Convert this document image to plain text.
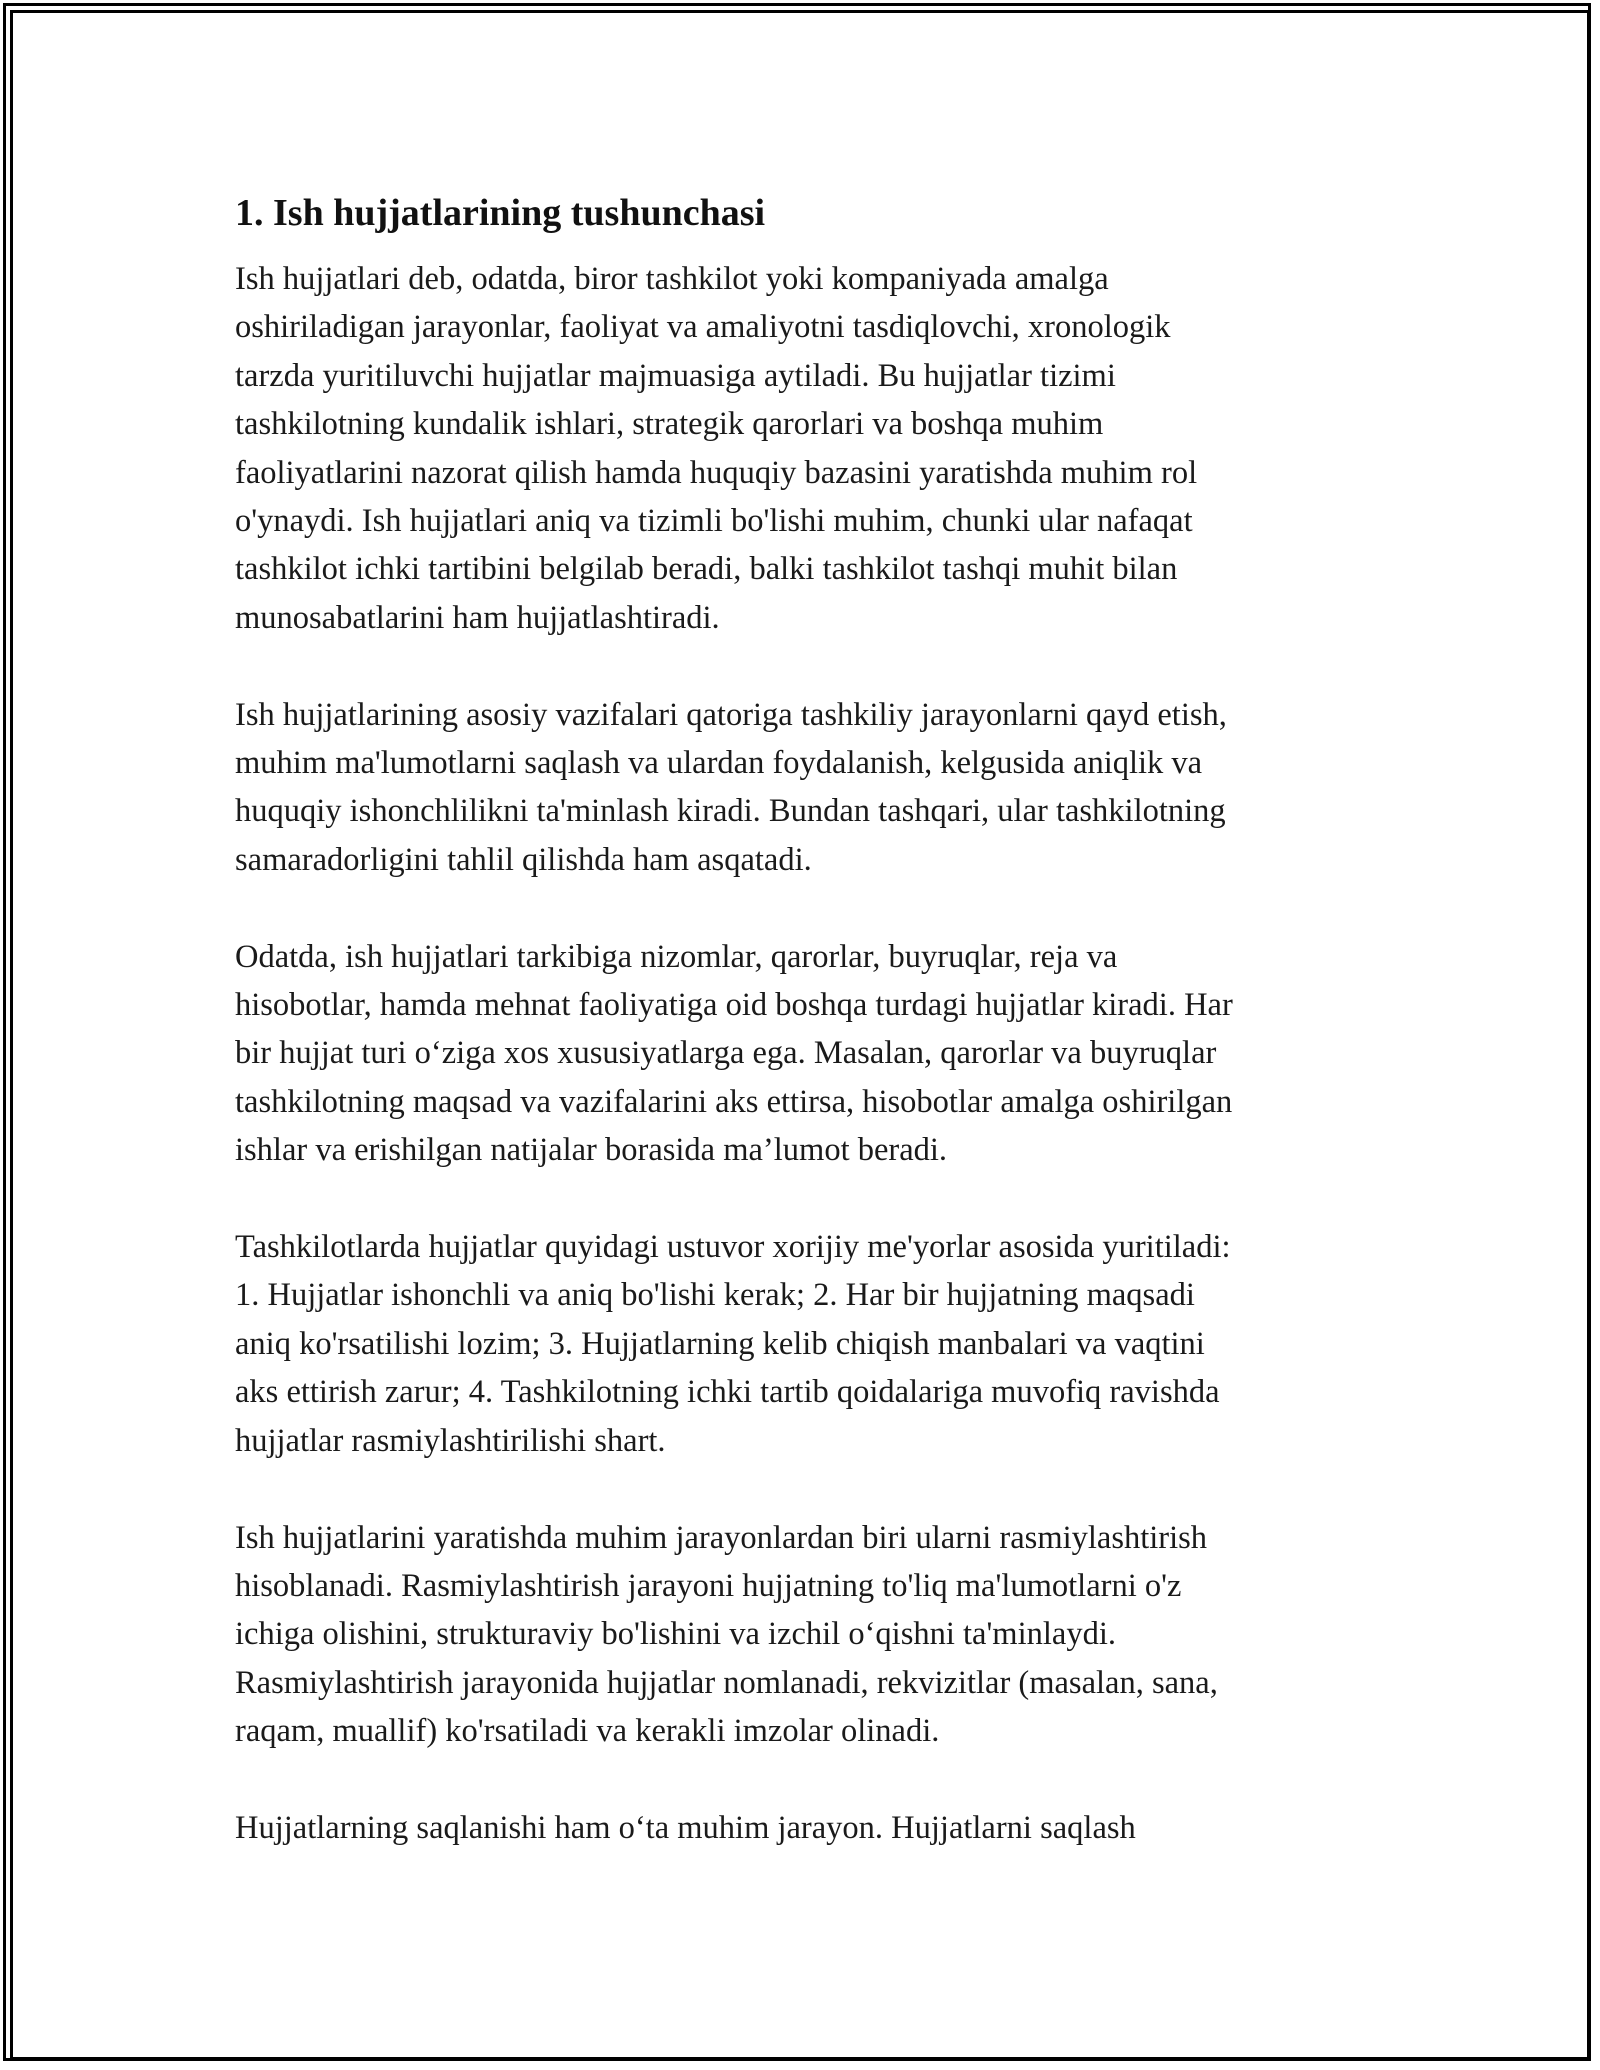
1. Ish hujjatlarining tushunchasi
Ish hujjatlari deb, odatda, biror tashkilot yoki kompaniyada amalga
oshiriladigan jarayonlar, faoliyat va amaliyotni tasdiqlovchi, xronologik
tarzda yuritiluvchi hujjatlar majmuasiga aytiladi. Bu hujjatlar tizimi
tashkilotning kundalik ishlari, strategik qarorlari va boshqa muhim
faoliyatlarini nazorat qilish hamda huquqiy bazasini yaratishda muhim rol
o'ynaydi. Ish hujjatlari aniq va tizimli bo'lishi muhim, chunki ular nafaqat
tashkilot ichki tartibini belgilab beradi, balki tashkilot tashqi muhit bilan
munosabatlarini ham hujjatlashtiradi.
Ish hujjatlarining asosiy vazifalari qatoriga tashkiliy jarayonlarni qayd etish,
muhim ma'lumotlarni saqlash va ulardan foydalanish, kelgusida aniqlik va
huquqiy ishonchlilikni ta'minlash kiradi. Bundan tashqari, ular tashkilotning
samaradorligini tahlil qilishda ham asqatadi.
Odatda, ish hujjatlari tarkibiga nizomlar, qarorlar, buyruqlar, reja va
hisobotlar, hamda mehnat faoliyatiga oid boshqa turdagi hujjatlar kiradi. Har
bir hujjat turi o‘ziga xos xususiyatlarga ega. Masalan, qarorlar va buyruqlar
tashkilotning maqsad va vazifalarini aks ettirsa, hisobotlar amalga oshirilgan
ishlar va erishilgan natijalar borasida ma’lumot beradi.
Tashkilotlarda hujjatlar quyidagi ustuvor xorijiy me'yorlar asosida yuritiladi:
1. Hujjatlar ishonchli va aniq bo'lishi kerak; 2. Har bir hujjatning maqsadi
aniq ko'rsatilishi lozim; 3. Hujjatlarning kelib chiqish manbalari va vaqtini
aks ettirish zarur; 4. Tashkilotning ichki tartib qoidalariga muvofiq ravishda
hujjatlar rasmiylashtirilishi shart.
Ish hujjatlarini yaratishda muhim jarayonlardan biri ularni rasmiylashtirish
hisoblanadi. Rasmiylashtirish jarayoni hujjatning to'liq ma'lumotlarni o'z
ichiga olishini, strukturaviy bo'lishini va izchil o‘qishni ta'minlaydi.
Rasmiylashtirish jarayonida hujjatlar nomlanadi, rekvizitlar (masalan, sana,
raqam, muallif) ko'rsatiladi va kerakli imzolar olinadi.
Hujjatlarning saqlanishi ham o‘ta muhim jarayon. Hujjatlarni saqlash
